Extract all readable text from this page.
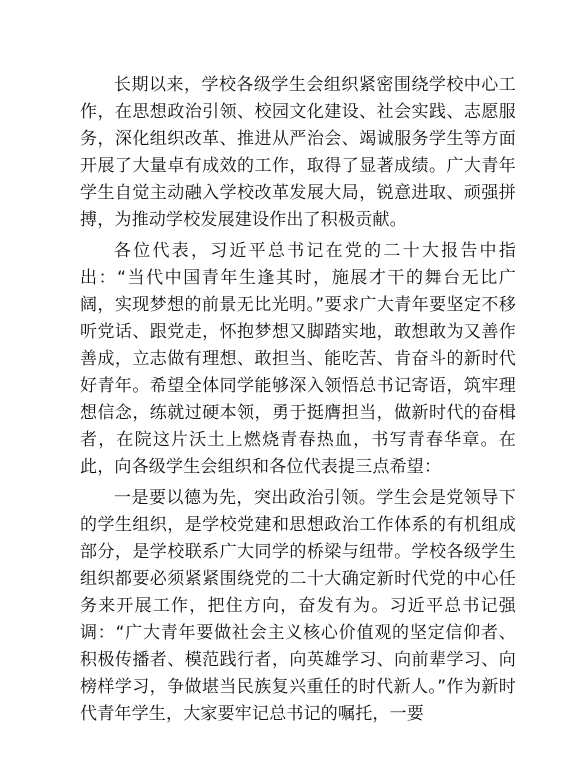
长期以来，学校各级学生会组织紧密围绕学校中心工作，在思想政治引领、校园文化建设、社会实践、志愿服务，深化组织改革、推进从严治会、竭诚服务学生等方面开展了大量卓有成效的工作，取得了显著成绩。广大青年学生自觉主动融入学校改革发展大局，锐意进取、顽强拼搏，为推动学校发展建设作出了积极贡献。

各位代表，习近平总书记在党的二十大报告中指出：“当代中国青年生逢其时，施展才干的舞台无比广阔，实现梦想的前景无比光明。”要求广大青年要坚定不移听党话、跟党走，怀抱梦想又脚踏实地，敢想敢为又善作善成，立志做有理想、敢担当、能吃苦、肯奋斗的新时代好青年。希望全体同学能够深入领悟总书记寄语，筑牢理想信念，练就过硬本领，勇于挺膺担当，做新时代的奋楫者，在院这片沃土上燃烧青春热血，书写青春华章。在此，向各级学生会组织和各位代表提三点希望：

一是要以德为先，突出政治引领。学生会是党领导下的学生组织，是学校党建和思想政治工作体系的有机组成部分，是学校联系广大同学的桥梁与纽带。学校各级学生组织都要必须紧紧围绕党的二十大确定新时代党的中心任务来开展工作，把住方向，奋发有为。习近平总书记强调：“广大青年要做社会主义核心价值观的坚定信仰者、积极传播者、模范践行者，向英雄学习、向前辈学习、向榜样学习，争做堪当民族复兴重任的时代新人。”作为新时代青年学生，大家要牢记总书记的嘱托，一要
